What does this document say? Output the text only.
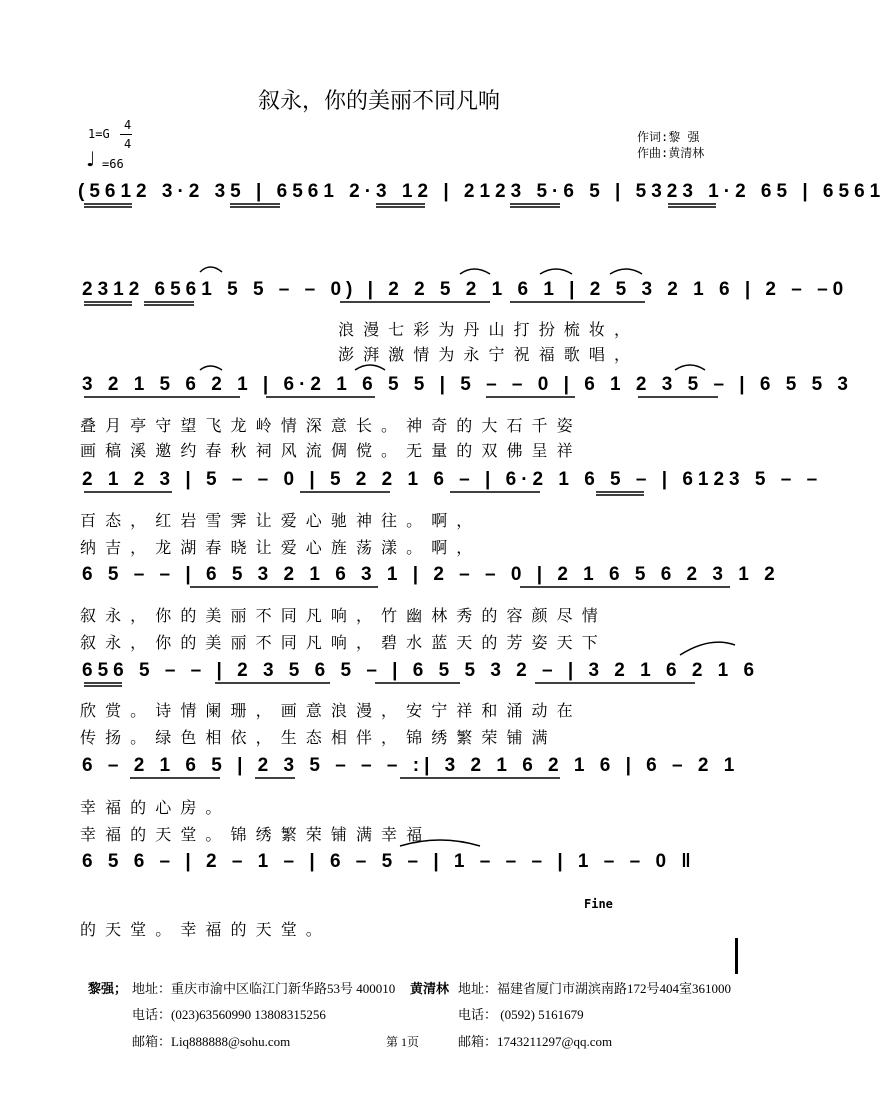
叙永，你的美丽不同凡响
1=G
4
4
♩ =66
作词:黎 强
作曲:黄清林
(5612 3·2 35 | 6561 2·3 12 | 2123 5·6 5 | 5323 1·2 65 | 6561
2312 6561 5 5 – – 0) | 2 2 5 2 1 6 1 | 2 5 3 2 1 6 | 2 – –0
浪 漫 七 彩 为 丹 山 打 扮 梳 妆 ，
澎 湃 激 情 为 永 宁 祝 福 歌 唱 ，
3 2 1 5 6 2 1 | 6·2 1 6 5 5 | 5 – – 0 | 6 1 2 3 5 – | 6 5 5 3
叠 月 亭 守 望 飞 龙 岭 情 深 意 长 。 神 奇 的 大 石 千 姿
画 稿 溪 邀 约 春 秋 祠 风 流 倜 傥 。 无 量 的 双 佛 呈 祥
2 1 2 3 | 5 – – 0 | 5 2 2 1 6 – | 6·2 1 6 5 – | 6123 5 – –
百 态 ， 红 岩 雪 霁 让 爱 心 驰 神 往 。 啊 ，
纳 吉 ， 龙 湖 春 晓 让 爱 心 旌 荡 漾 。 啊 ，
6 5 – – | 6 5 3 2 1 6 3 1 | 2 – – 0 | 2 1 6 5 6 2 3 1 2
叙 永 ， 你 的 美 丽 不 同 凡 响 ， 竹 幽 林 秀 的 容 颜 尽 情
叙 永 ， 你 的 美 丽 不 同 凡 响 ， 碧 水 蓝 天 的 芳 姿 天 下
656 5 – – | 2 3 5 6 5 – | 6 5 5 3 2 – | 3 2 1 6 2 1 6
欣 赏 。 诗 情 阑 珊 ， 画 意 浪 漫 ， 安 宁 祥 和 涌 动 在
传 扬 。 绿 色 相 依 ， 生 态 相 伴 ， 锦 绣 繁 荣 铺 满
6 – 2 1 6 5 | 2 3 5 – – – :| 3 2 1 6 2 1 6 | 6 – 2 1
幸 福 的 心 房 。
幸 福 的 天 堂 。 锦 绣 繁 荣 铺 满 幸 福
6 5 6 – | 2 – 1 – | 6 – 5 – | 1 – – – | 1 – – 0 ‖
Fine
的 天 堂 。 幸 福 的 天 堂 。
黎强； 地址：重庆市渝中区临江门新华路53号 400010 黄清林 地址：福建省厦门市湖滨南路172号404室361000
电话：(023)63560990 13808315256	电话： (0592) 5161679
邮箱：Liq888888@sohu.com	第 1页	邮箱：1743211297@qq.com
